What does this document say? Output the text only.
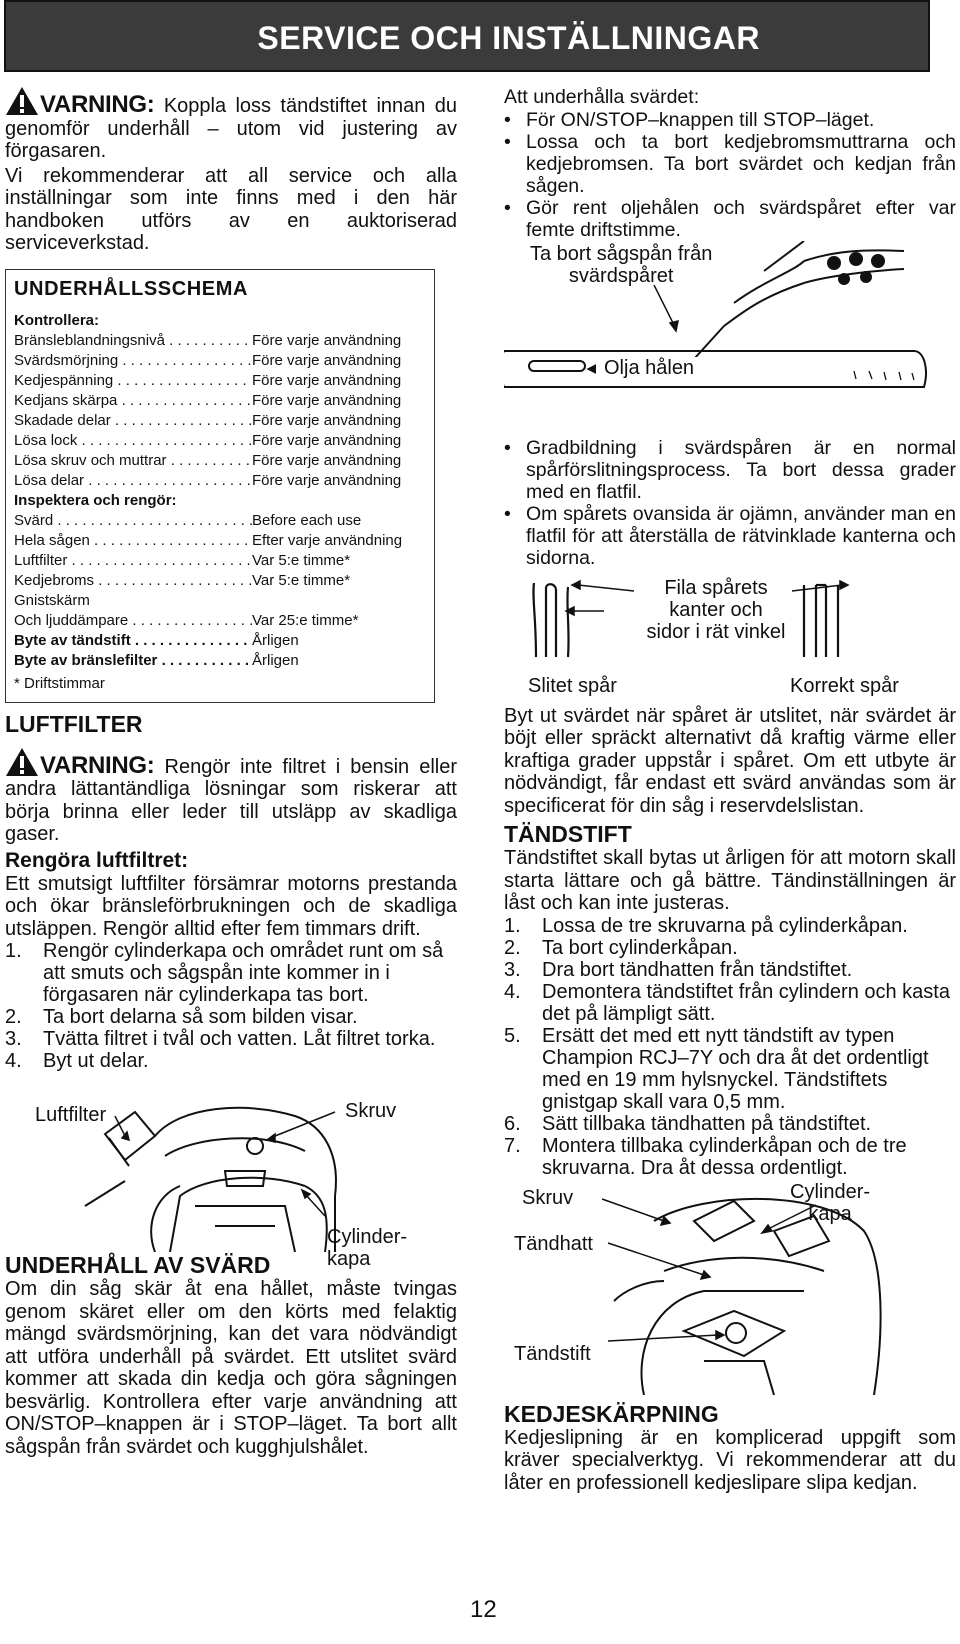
SERVICE OCH INSTÄLLNINGAR
VARNING: Koppla loss tändstiftet innan du genomför underhåll – utom vid justering av förgasaren.
Vi rekommenderar att all service och alla inställningar som inte finns med i den här handboken utförs av en auktoriserad serviceverkstad.
UNDERHÅLLSSCHEMA
Kontrollera:
Bränsleblandningsnivå . . .	Före varje användning
Svärdsmörjning . . .	Före varje användning
Kedjespänning . . .	Före varje användning
Kedjans skärpa . . .	Före varje användning
Skadade delar . . .	Före varje användning
Lösa lock . . .	Före varje användning
Lösa skruv och muttrar . . .	Före varje användning
Lösa delar . . .	Före varje användning
Inspektera och rengör:
Svärd . . .	Before each use
Hela sågen . . .	Efter varje användning
Luftfilter . . .	Var 5:e timme*
Kedjebroms . . .	Var 5:e timme*
Gnistskärm
Och ljuddämpare . . .	Var 25:e timme*
Byte av tändstift . . .	Årligen
Byte av bränslefilter . . .	Årligen
* Driftstimmar
LUFTFILTER
VARNING: Rengör inte filtret i bensin eller andra lättantändliga lösningar som riskerar att börja brinna eller leder till utsläpp av skadliga gaser.
Rengöra luftfiltret:
Ett smutsigt luftfilter försämrar motorns prestanda och ökar bränsleförbrukningen och de skadliga utsläppen. Rengör alltid efter fem timmars drift.
1.	Rengör cylinderkapa och området runt om så att smuts och sågspån inte kommer in i förgasaren när cylinderkapa tas bort.
2.	Ta bort delarna så som bilden visar.
3.	Tvätta filtret i tvål och vatten. Låt filtret torka.
4.	Byt ut delar.
Luftfilter	Skruv
Cylinder-
kapa
UNDERHÅLL AV SVÄRD
Om din såg skär åt ena hållet, måste tvingas genom skäret eller om den körts med felaktig mängd svärdsmörjning, kan det vara nödvändigt att utföra underhåll på svärdet. Ett utslitet svärd kommer att skada din kedja och göra sågningen besvärlig. Kontrollera efter varje användning att ON/STOP–knappen är i STOP–läget. Ta bort allt sågspån från svärdet och kugghjulshålet.
Att underhålla svärdet:
• För ON/STOP–knappen till STOP–läget.
• Lossa och ta bort kedjebromsmuttrarna och kedjebromsen. Ta bort svärdet och kedjan från sågen.
• Gör rent oljehålen och svärdspåret efter var femte driftstimme.
Ta bort sågspån från
svärdspåret
Olja hålen
• Gradbildning i svärdspåren är en normal spårförslitningsprocess. Ta bort dessa grader med en flatfil.
• Om spårets ovansida är ojämn, använder man en flatfil för att återställa de rätvinklade kanterna och sidorna.
Fila spårets
kanter och
sidor i rät vinkel
Slitet spår	Korrekt spår
Byt ut svärdet när spåret är utslitet, när svärdet är böjt eller spräckt alternativt då kraftig värme eller kraftiga grader uppstår i spåret. Om ett utbyte är nödvändigt, får endast ett svärd användas som är specificerat för din såg i reservdelslistan.
TÄNDSTIFT
Tändstiftet skall bytas ut årligen för att motorn skall starta lättare och gå bättre. Tändinställningen är låst och kan inte justeras.
1.	Lossa de tre skruvarna på cylinderkåpan.
2.	Ta bort cylinderkåpan.
3.	Dra bort tändhatten från tändstiftet.
4.	Demontera tändstiftet från cylindern och kasta det på lämpligt sätt.
5.	Ersätt det med ett nytt tändstift av typen Champion RCJ–7Y och dra åt det ordentligt med en 19 mm hylsnyckel. Tändstiftets gnistgap skall vara 0,5 mm.
6.	Sätt tillbaka tändhatten på tändstiftet.
7.	Montera tillbaka cylinderkåpan och de tre skruvarna. Dra åt dessa ordentligt.
Skruv	Cylinder-
kapa
Tändhatt
Tändstift
KEDJESKÄRPNING
Kedjeslipning är en komplicerad uppgift som kräver specialverktyg. Vi rekommenderar att du låter en professionell kedjeslipare slipa kedjan.
12
